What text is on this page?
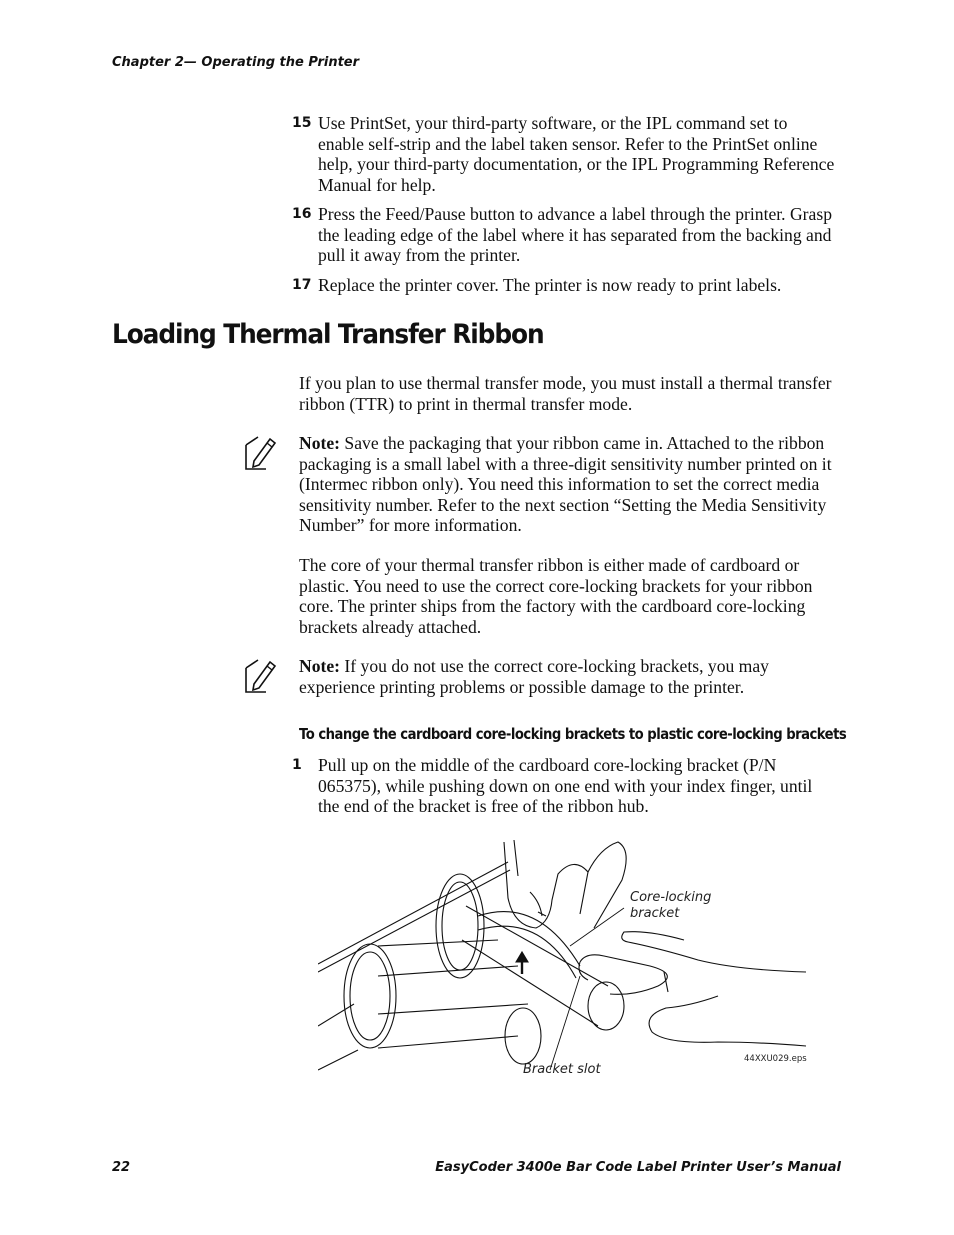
Chapter 2— Operating the Printer
15 Use PrintSet, your third-party software, or the IPL command set to enable self-strip and the label taken sensor. Refer to the PrintSet online help, your third-party documentation, or the IPL Programming Reference Manual for help.
16 Press the Feed/Pause button to advance a label through the printer. Grasp the leading edge of the label where it has separated from the backing and pull it away from the printer.
17 Replace the printer cover. The printer is now ready to print labels.
Loading Thermal Transfer Ribbon
If you plan to use thermal transfer mode, you must install a thermal transfer ribbon (TTR) to print in thermal transfer mode.
Note: Save the packaging that your ribbon came in. Attached to the ribbon packaging is a small label with a three-digit sensitivity number printed on it (Intermec ribbon only). You need this information to set the correct media sensitivity number. Refer to the next section “Setting the Media Sensitivity Number” for more information.
The core of your thermal transfer ribbon is either made of cardboard or plastic. You need to use the correct core-locking brackets for your ribbon core. The printer ships from the factory with the cardboard core-locking brackets already attached.
Note: If you do not use the correct core-locking brackets, you may experience printing problems or possible damage to the printer.
To change the cardboard core-locking brackets to plastic core-locking brackets
1 Pull up on the middle of the cardboard core-locking bracket (P/N 065375), while pushing down on one end with your index finger, until the end of the bracket is free of the ribbon hub.
Core-locking bracket
Bracket slot
44XXU029.eps
22	EasyCoder 3400e Bar Code Label Printer User’s Manual
